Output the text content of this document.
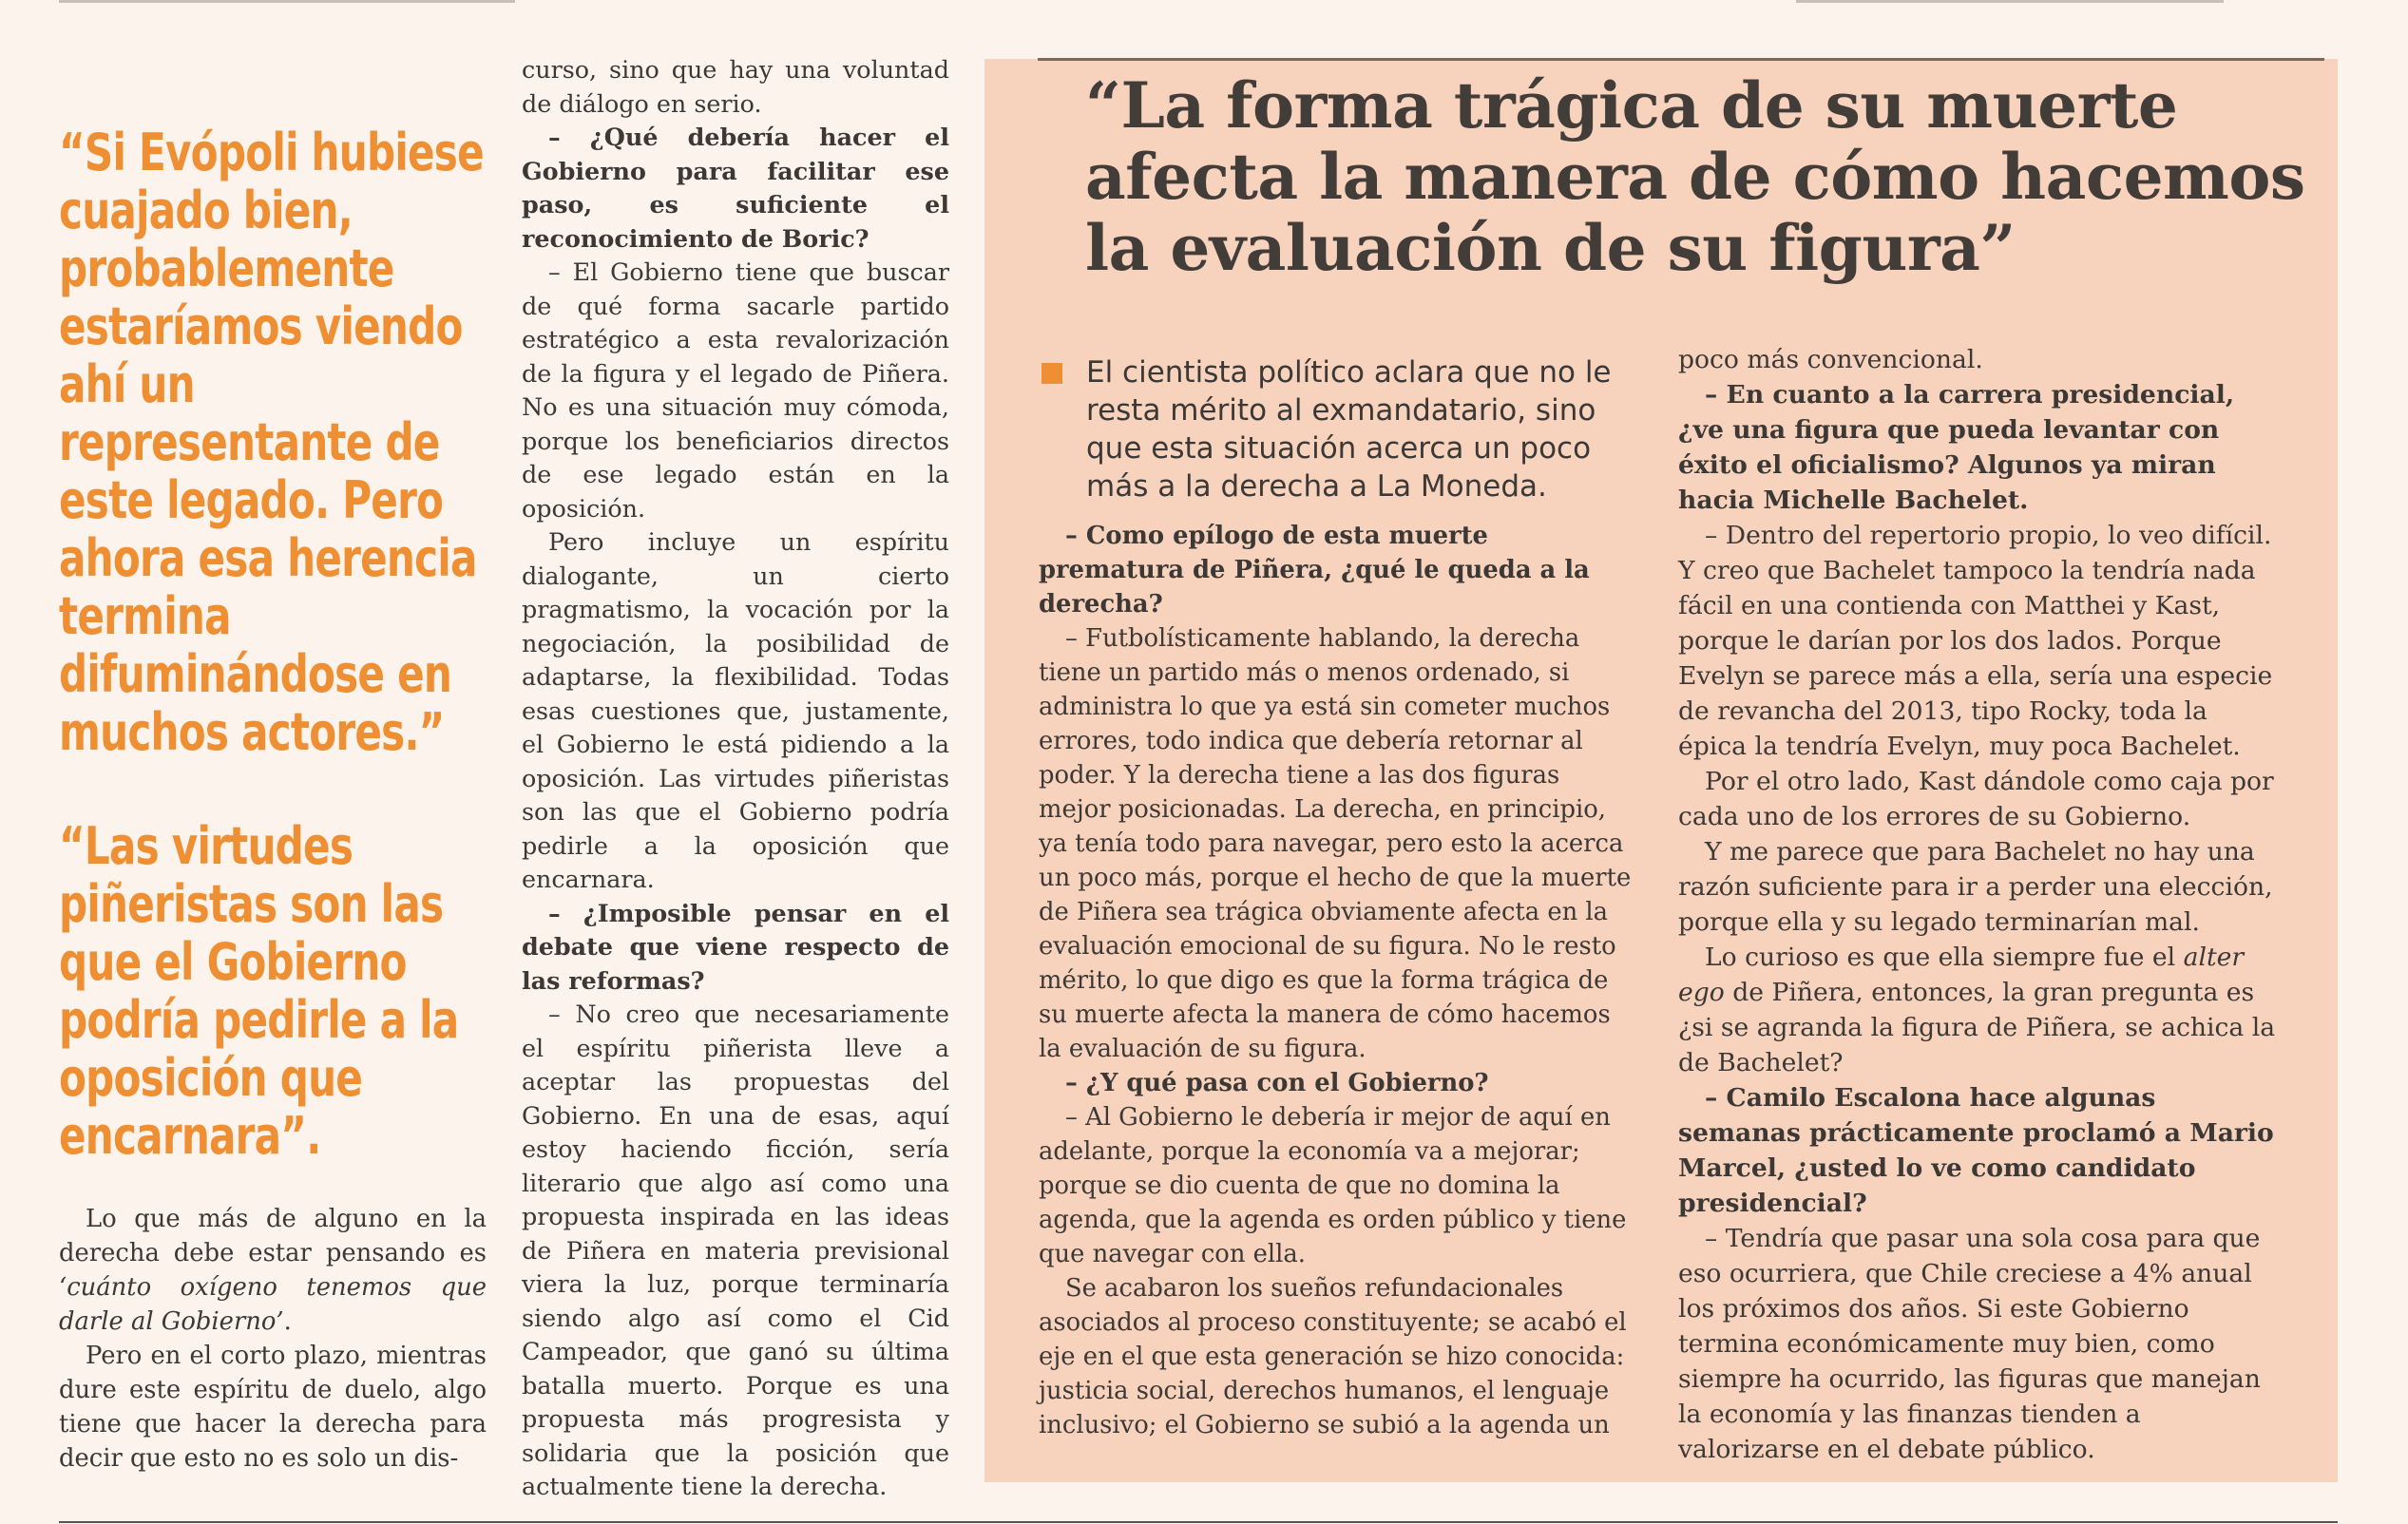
“Si Evópoli hubiese cuajado bien, probablemente estaríamos viendo ahí un representante de este legado. Pero ahora esa herencia termina difuminándose en muchos actores.”
“Las virtudes piñeristas son las que el Gobierno podría pedirle a la oposición que encarnara”.

Lo que más de alguno en la derecha debe estar pensando es ‘cuánto oxígeno tenemos que darle al Gobierno’.

Pero en el corto plazo, mientras dure este espíritu de duelo, algo tiene que hacer la derecha para decir que esto no es solo un dis-

curso, sino que hay una voluntad de diálogo en serio.

– ¿Qué debería hacer el Gobierno para facilitar ese paso, es suficiente el reconocimiento de Boric?

– El Gobierno tiene que buscar de qué forma sacarle partido estratégico a esta revalorización de la figura y el legado de Piñera. No es una situación muy cómoda, porque los beneficiarios directos de ese legado están en la oposición.

Pero incluye un espíritu dialogante, un cierto pragmatismo, la vocación por la negociación, la posibilidad de adaptarse, la flexibilidad. Todas esas cuestiones que, justamente, el Gobierno le está pidiendo a la oposición. Las virtudes piñeristas son las que el Gobierno podría pedirle a la oposición que encarnara.

– ¿Imposible pensar en el debate que viene respecto de las reformas?

– No creo que necesariamente el espíritu piñerista lleve a aceptar las propuestas del Gobierno. En una de esas, aquí estoy haciendo ficción, sería literario que algo así como una propuesta inspirada en las ideas de Piñera en materia previsional viera la luz, porque terminaría siendo algo así como el Cid Campeador, que ganó su última batalla muerto. Porque es una propuesta más progresista y solidaria que la posición que actualmente tiene la derecha.

“La forma trágica de su muerte afecta la manera de cómo hacemos la evaluación de su figura”
El cientista político aclara que no le resta mérito al exmandatario, sino que esta situación acerca un poco más a la derecha a La Moneda.

– Como epílogo de esta muerte prematura de Piñera, ¿qué le queda a la derecha?

– Futbolísticamente hablando, la derecha tiene un partido más o menos ordenado, si administra lo que ya está sin cometer muchos errores, todo indica que debería retornar al poder. Y la derecha tiene a las dos figuras mejor posicionadas. La derecha, en principio, ya tenía todo para navegar, pero esto la acerca un poco más, porque el hecho de que la muerte de Piñera sea trágica obviamente afecta en la evaluación emocional de su figura. No le resto mérito, lo que digo es que la forma trágica de su muerte afecta la manera de cómo hacemos la evaluación de su figura.

– ¿Y qué pasa con el Gobierno?

– Al Gobierno le debería ir mejor de aquí en adelante, porque la economía va a mejorar; porque se dio cuenta de que no domina la agenda, que la agenda es orden público y tiene que navegar con ella.

Se acabaron los sueños refundacionales asociados al proceso constituyente; se acabó el eje en el que esta generación se hizo conocida: justicia social, derechos humanos, el lenguaje inclusivo; el Gobierno se subió a la agenda un

poco más convencional.

– En cuanto a la carrera presidencial, ¿ve una figura que pueda levantar con éxito el oficialismo? Algunos ya miran hacia Michelle Bachelet.

– Dentro del repertorio propio, lo veo difícil. Y creo que Bachelet tampoco la tendría nada fácil en una contienda con Matthei y Kast, porque le darían por los dos lados. Porque Evelyn se parece más a ella, sería una especie de revancha del 2013, tipo Rocky, toda la épica la tendría Evelyn, muy poca Bachelet.

Por el otro lado, Kast dándole como caja por cada uno de los errores de su Gobierno.

Y me parece que para Bachelet no hay una razón suficiente para ir a perder una elección, porque ella y su legado terminarían mal.

Lo curioso es que ella siempre fue el alter ego de Piñera, entonces, la gran pregunta es ¿si se agranda la figura de Piñera, se achica la de Bachelet?

– Camilo Escalona hace algunas semanas prácticamente proclamó a Mario Marcel, ¿usted lo ve como candidato presidencial?

– Tendría que pasar una sola cosa para que eso ocurriera, que Chile creciese a 4% anual los próximos dos años. Si este Gobierno termina económicamente muy bien, como siempre ha ocurrido, las figuras que manejan la economía y las finanzas tienden a valorizarse en el debate público.
